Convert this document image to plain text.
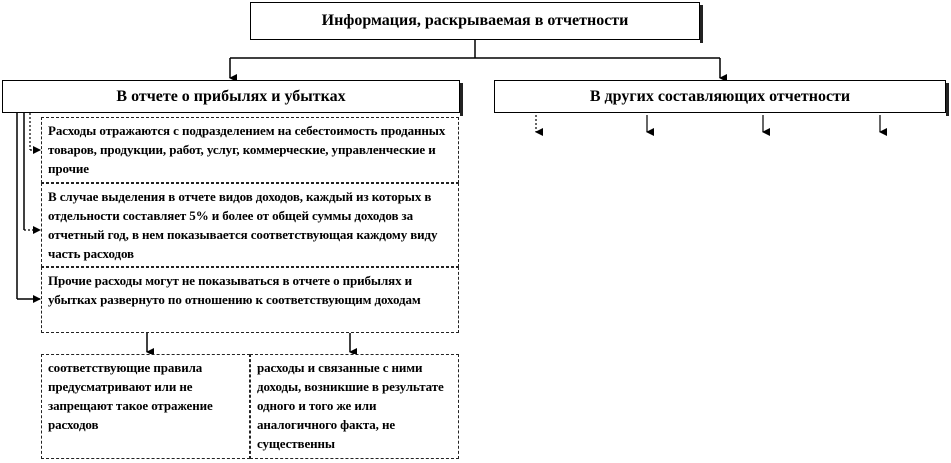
Информация, раскрываемая в отчетности
В отчете о прибылях и убытках	В других составляющих отчетности
Расходы отражаются с подразделением на себестоимость проданных товаров, продукции, работ, услуг, коммерческие, управленческие и прочие
В случае выделения в отчете видов доходов, каждый из которых в отдельности составляет 5% и более от общей суммы доходов за отчетный год, в нем показывается соответствующая каждому виду часть расходов
Прочие расходы могут не показываться в отчете о прибылях и убытках развернуто по отношению к соответствующим доходам
соответствующие правила предусматривают или не запрещают такое отражение расходов
расходы и связанные с ними доходы, возникшие в результате одного и того же или аналогичного факта, не существенны
